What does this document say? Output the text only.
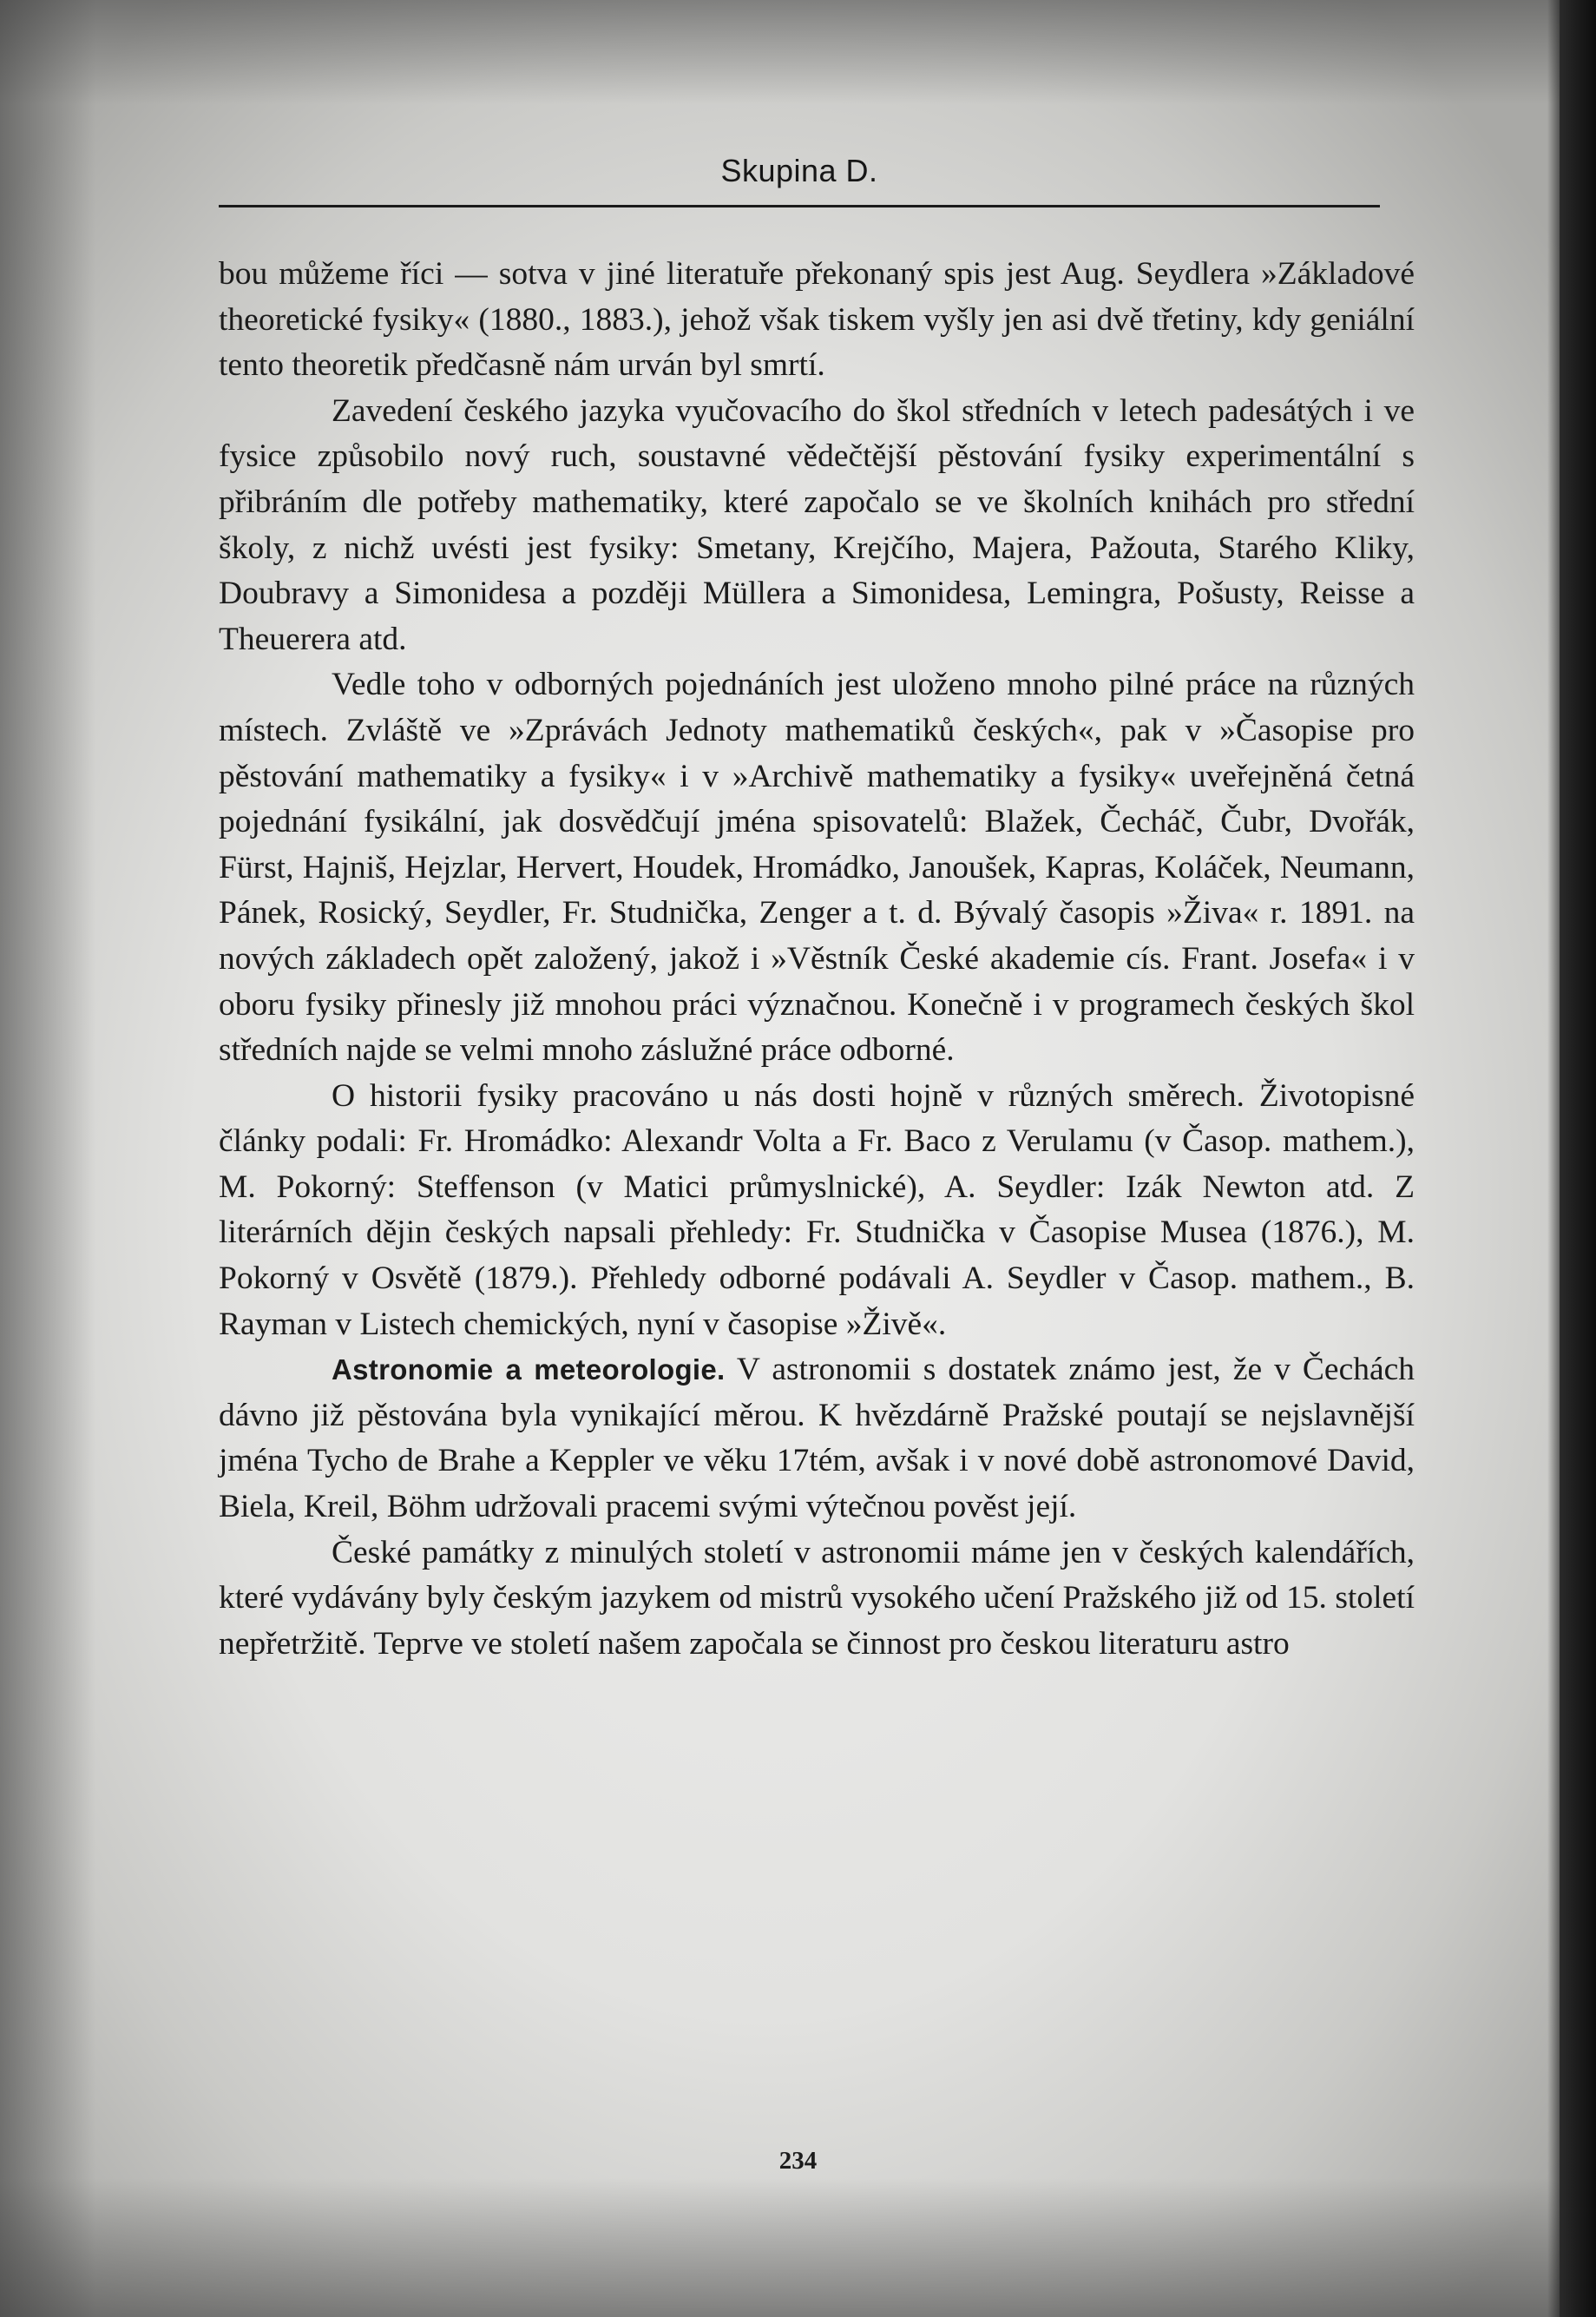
Skupina D.

bou můžeme říci — sotva v jiné literatuře překonaný spis jest Aug. Seydlera »Základové theoretické fysiky« (1880., 1883.), jehož však tiskem vyšly jen asi dvě třetiny, kdy geniální tento theoretik předčasně nám urván byl smrtí.

Zavedení českého jazyka vyučovacího do škol středních v letech padesátých i ve fysice způsobilo nový ruch, soustavné vědečtější pěstování fysiky experimentální s přibráním dle potřeby mathematiky, které započalo se ve školních knihách pro střední školy, z nichž uvésti jest fysiky: Smetany, Krejčího, Majera, Pažouta, Starého Kliky, Doubravy a Simonidesa a později Müllera a Simonidesa, Lemingra, Pošusty, Reisse a Theuerera atd.

Vedle toho v odborných pojednáních jest uloženo mnoho pilné práce na různých místech. Zvláště ve »Zprávách Jednoty mathematiků českých«, pak v »Časopise pro pěstování mathematiky a fysiky« i v »Archivě mathematiky a fysiky« uveřejněná četná pojednání fysikální, jak dosvědčují jména spisovatelů: Blažek, Čecháč, Čubr, Dvořák, Fürst, Hajniš, Hejzlar, Hervert, Houdek, Hromádko, Janoušek, Kapras, Koláček, Neumann, Pánek, Rosický, Seydler, Fr. Studnička, Zenger a t. d. Bývalý časopis »Živa« r. 1891. na nových základech opět založený, jakož i »Věstník České akademie cís. Frant. Josefa« i v oboru fysiky přinesly již mnohou práci význačnou. Konečně i v programech českých škol středních najde se velmi mnoho záslužné práce odborné.

O historii fysiky pracováno u nás dosti hojně v různých směrech. Životopisné články podali: Fr. Hromádko: Alexandr Volta a Fr. Baco z Verulamu (v Časop. mathem.), M. Pokorný: Steffenson (v Matici průmyslnické), A. Seydler: Izák Newton atd. Z literárních dějin českých napsali přehledy: Fr. Studnička v Časopise Musea (1876.), M. Pokorný v Osvětě (1879.). Přehledy odborné podávali A. Seydler v Časop. mathem., B. Rayman v Listech chemických, nyní v časopise »Živě«.

Astronomie a meteorologie. V astronomii s dostatek známo jest, že v Čechách dávno již pěstována byla vynikající měrou. K hvězdárně Pražské poutají se nejslavnější jména Tycho de Brahe a Keppler ve věku 17tém, avšak i v nové době astronomové David, Biela, Kreil, Böhm udržovali pracemi svými výtečnou pověst její.

České památky z minulých století v astronomii máme jen v českých kalendářích, které vydávány byly českým jazykem od mistrů vysokého učení Pražského již od 15. století nepřetržitě. Teprve ve století našem započala se činnost pro českou literaturu astro

234
